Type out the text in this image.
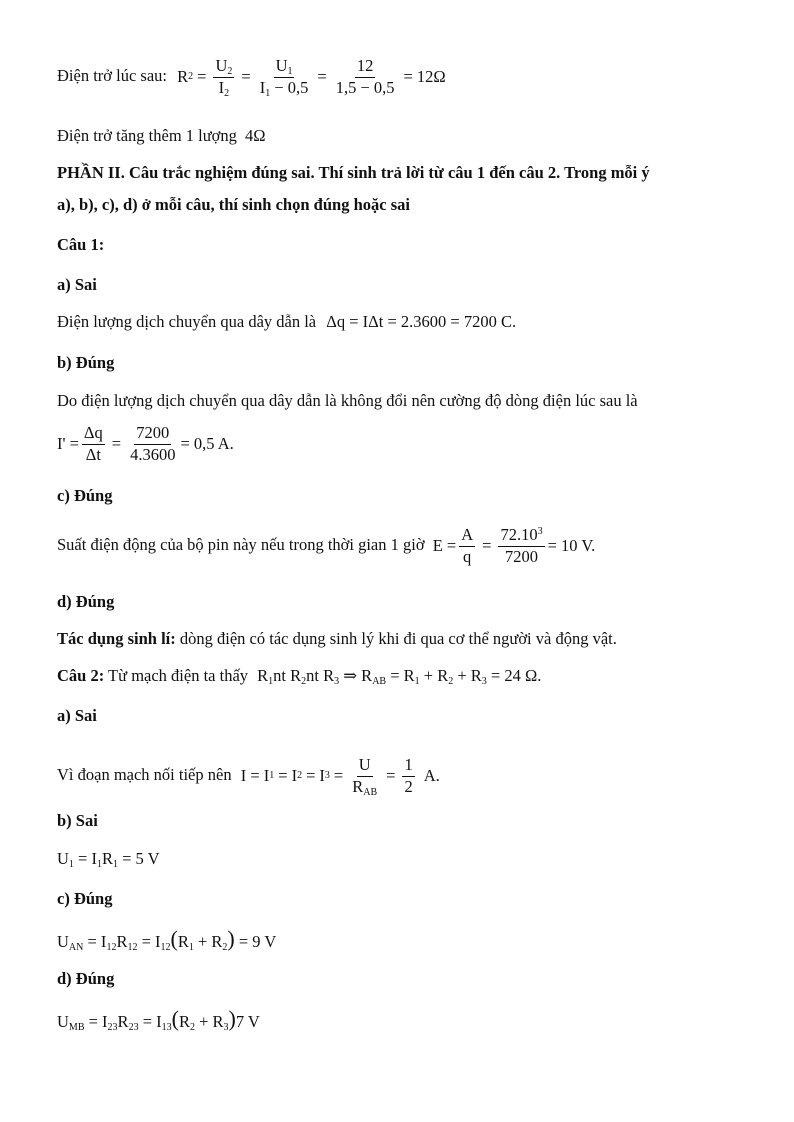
Điện trở lúc sau: R $2 = \frac{U_2}{I_2} = \frac{U_1}{I_1 - 0,5} = \frac{12}{1,5 - 0,5} = 12\Omega$
Điện trở tăng thêm 1 lượng 4Ω
PHẦN II. Câu trắc nghiệm đúng sai. Thí sinh trả lời từ câu 1 đến câu 2. Trong mỗi ý
a), b), c), d) ở mỗi câu, thí sinh chọn đúng hoặc sai
Câu 1:
a) Sai
Điện lượng dịch chuyển qua dây dẫn là Δq = IΔt = 2.3600 = 7200 C.
b) Đúng
Do điện lượng dịch chuyển qua dây dẫn là không đổi nên cường độ dòng điện lúc sau là
$I' = \frac{\Delta q}{\Delta t} = \frac{7200}{4.3600} = 0,5$ A.
c) Đúng
Suất điện động của bộ pin này nếu trong thời gian 1 giờ $E = \frac{A}{q} = \frac{72.10^3}{7200} = 10$ V.
d) Đúng
Tác dụng sinh lí: dòng điện có tác dụng sinh lý khi đi qua cơ thể người và động vật.
Câu 2: Từ mạch điện ta thấy $R_1nt$ $R_2nt$ $R_3$ ⇒ $R_{AB} = R_1 + R_2 + R_3 = 24$ Ω.
a) Sai
Vì đoạn mạch nối tiếp nên I = I 1 = I 2 = I $3 = \frac{U}{R_{AB}} = \frac{1}{2} A$.
b) Sai
$U_1 = I_1R_1 = 5$ V
c) Đúng
$U_{AN} = I_{12}R_{12} = I_{12}(R_1 + R_2) = 9$ V
d) Đúng
$U_{MB} = I_{23}R_{23} = I_{13}(R_2 + R_3)7$ V
